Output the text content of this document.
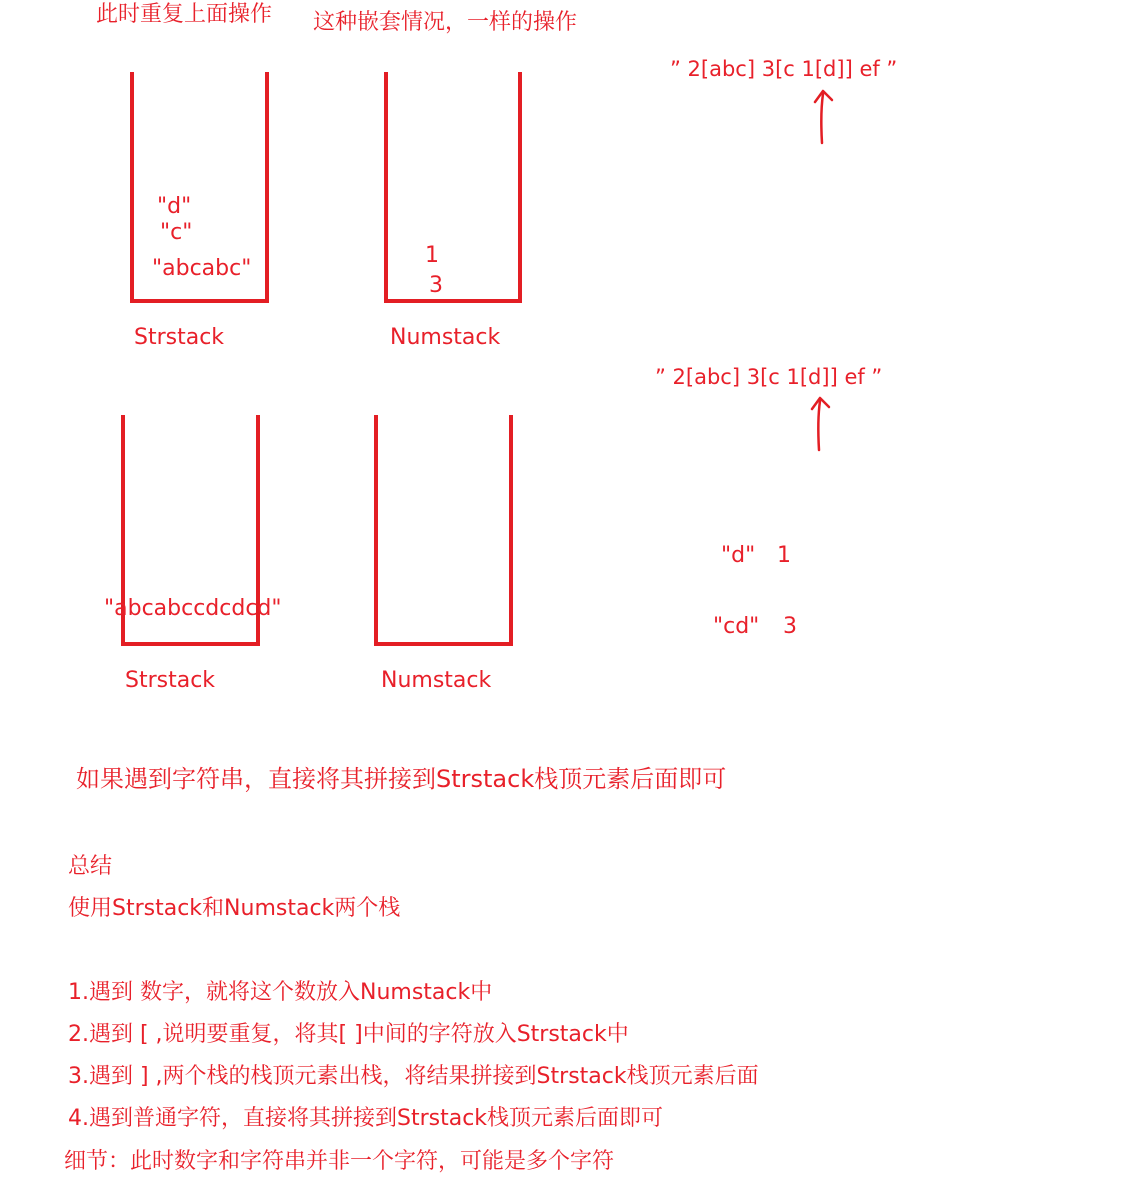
此时重复上面操作 这种嵌套情况，一样的操作
"d"
"c"
"abcabc"
Strstack
1
3
Numstack
” 2[abc] 3[c 1[d]] ef ”
"abcabccdcdcd"
Strstack	Numstack
” 2[abc] 3[c 1[d]] ef ”
"d" 1
"cd" 3
如果遇到字符串，直接将其拼接到Strstack栈顶元素后面即可
总结
使用Strstack和Numstack两个栈
1.遇到 数字，就将这个数放入Numstack中
2.遇到 [ ,说明要重复，将其[ ]中间的字符放入Strstack中
3.遇到 ] ,两个栈的栈顶元素出栈，将结果拼接到Strstack栈顶元素后面
4.遇到普通字符，直接将其拼接到Strstack栈顶元素后面即可
细节：此时数字和字符串并非一个字符，可能是多个字符
